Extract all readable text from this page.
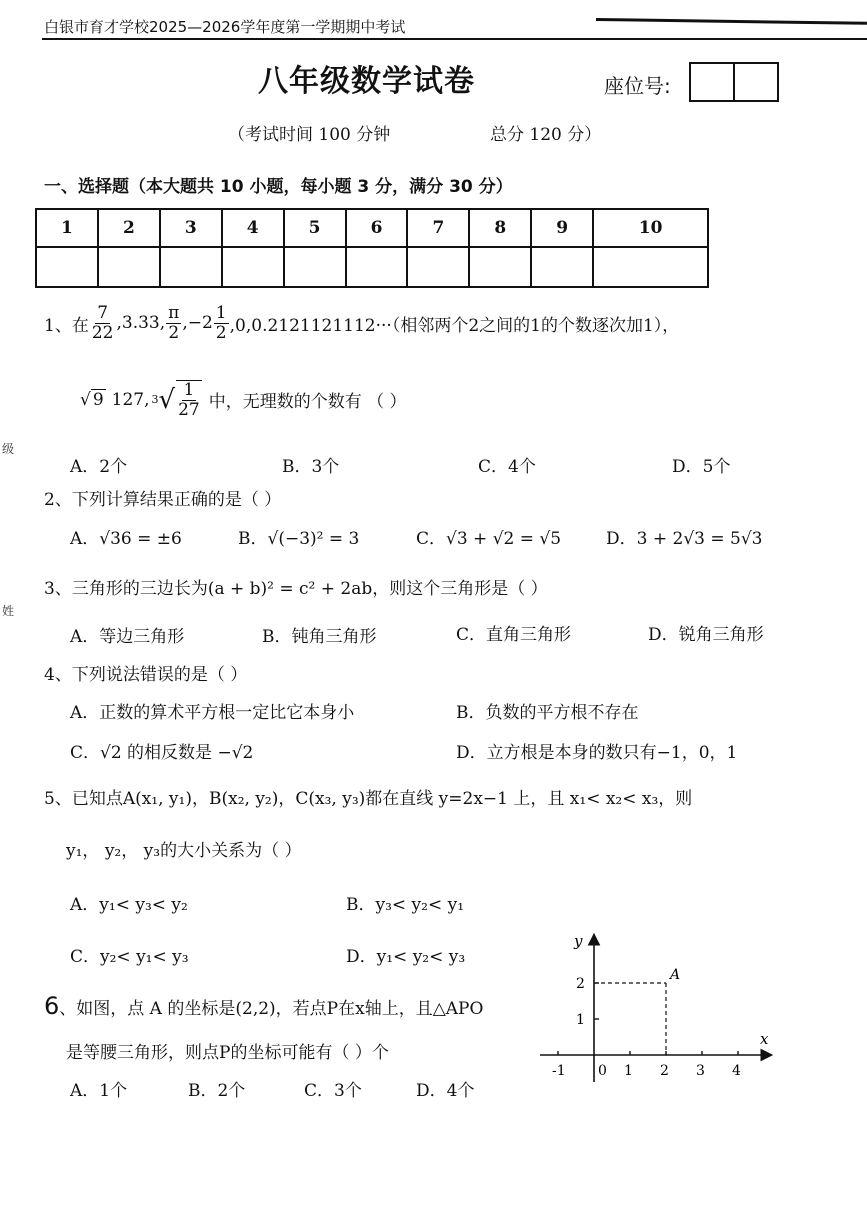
白银市育才学校2025—2026学年度第一学期期中考试
八年级数学试卷	座位号:
（考试时间 100 分钟	总分 120 分）
一、选择题（本大题共 10 小题，每小题 3 分，满分 30 分）
1	2	3	4	5	6	7	8	9	10

级
姓
1、在 $\frac{7}{22} ,3.33$, $\frac{\pi}{2} ,-2 \frac{1}{2} ,0,0.2121121112\cdot\cdot\cdot$（相邻两个2之间的1的个数逐次加1），
√ 9 127, 3 √ $\frac{1}{27}$ 中，无理数的个数有 （ ）
A．2个	B．3个	C．4个	D．5个
2、下列计算结果正确的是（ ）
A．√36 = ±6	B．√(−3)² = 3	C．√3 + √2 = √5	D．3 + 2√3 = 5√3
3、三角形的三边长为(a + b)² = c² + 2ab，则这个三角形是（ ）
A．等边三角形	B．钝角三角形	C．直角三角形	D．锐角三角形
4、下列说法错误的是（ ）
A．正数的算术平方根一定比它本身小	B．负数的平方根不存在
C．√2 的相反数是 −√2	D．立方根是本身的数只有−1，0，1
5、已知点A(x₁, y₁)，B(x₂, y₂)，C(x₃, y₃)都在直线 y=2x−1 上，且 x₁< x₂< x₃，则
y₁， y₂， y₃的大小关系为（ ）
A．y₁< y₃< y₂	B．y₃< y₂< y₁
C．y₂< y₁< y₃	D．y₁< y₂< y₃
6、如图，点 A 的坐标是(2,2)，若点P在x轴上，且△APO
是等腰三角形，则点P的坐标可能有（ ）个
A．1个	B．2个	C．3个	D．4个
-1 0 1 2 3 4
1
2
y
x
A
